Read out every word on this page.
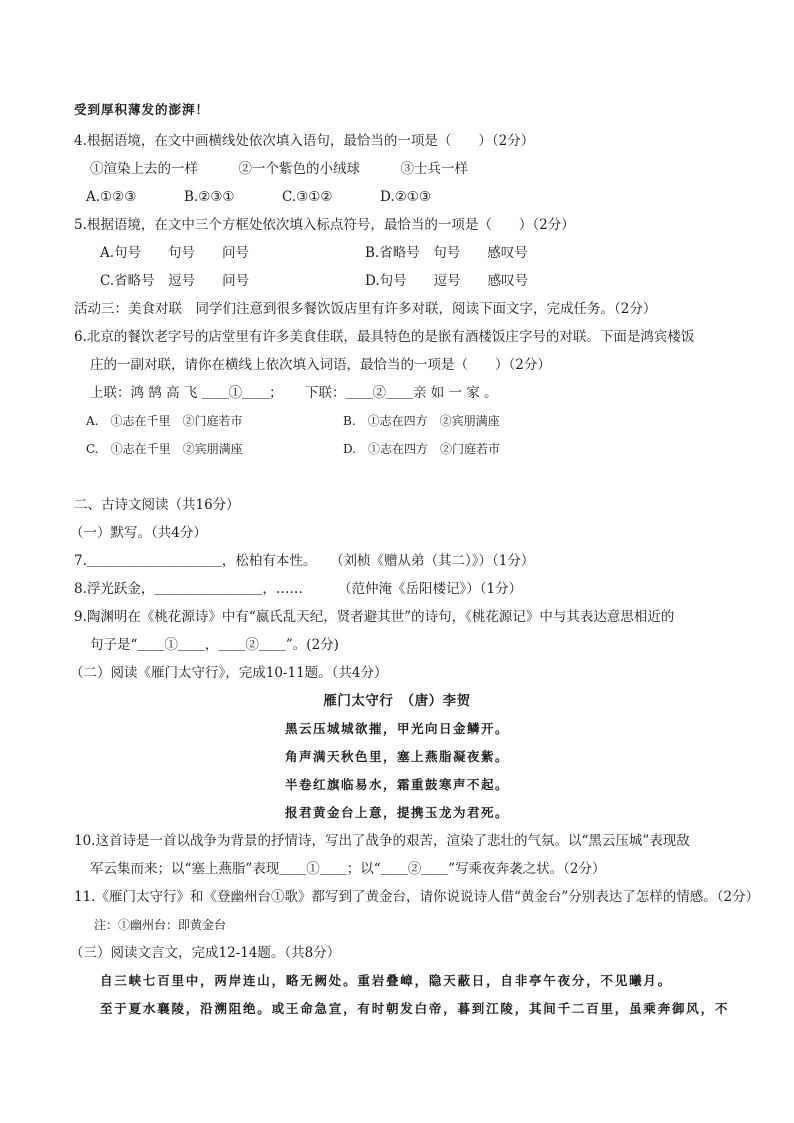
受到厚积薄发的澎湃！
4.根据语境，在文中画横线处依次填入语句，最恰当的一项是（　　）（2分）
①渲染上去的一样　　　②一个紫色的小绒球　　　③士兵一样
A.①②③	B.②③①	C.③①②	D.②①③
5.根据语境，在文中三个方框处依次填入标点符号，最恰当的一项是（　　）（2分）
A.句号　　句号　　问号	B.省略号　句号　　感叹号
C.省略号　逗号　　问号	D.句号　　逗号　　感叹号
活动三：美食对联　同学们注意到很多餐饮饭店里有许多对联，阅读下面文字，完成任务。（2分）
6.北京的餐饮老字号的店堂里有许多美食佳联，最具特色的是嵌有酒楼饭庄字号的对联。下面是鸿宾楼饭
庄的一副对联，请你在横线上依次填入词语，最恰当的一项是（　　）（2分）
上联：鸿 鹄 高 飞 ＿＿①＿＿； 下联：＿＿②＿＿亲 如 一 家 。
A.　①志在千里　②门庭若市	B.　①志在四方　②宾朋满座
C.　①志在千里　②宾朋满座	D.　①志在四方　②门庭若市
二、古诗文阅读（共16分）
（一）默写。（共4分）
7.＿＿＿＿＿＿＿＿＿＿，松柏有本性。 （刘桢《赠从弟（其二）》）（1分）
8.浮光跃金，＿＿＿＿＿＿＿＿，……	（范仲淹《岳阳楼记》）（1分）
9.陶渊明在《桃花源诗》中有“嬴氏乱天纪，贤者避其世”的诗句，《桃花源记》中与其表达意思相近的
句子是“＿＿①＿＿，＿＿②＿＿”。(2分)
（二）阅读《雁门太守行》，完成10-11题。（共4分）
雁门太守行　（唐）李贺
黑云压城城欲摧，甲光向日金鳞开。
角声满天秋色里，塞上燕脂凝夜紫。
半卷红旗临易水，霜重鼓寒声不起。
报君黄金台上意，提携玉龙为君死。
10.这首诗是一首以战争为背景的抒情诗，写出了战争的艰苦，渲染了悲壮的气氛。以“黑云压城”表现敌
军云集而来；以“塞上燕脂”表现＿＿①＿＿；以“＿＿②＿＿”写乘夜奔袭之状。（2分）
11.《雁门太守行》和《登幽州台①歌》都写到了黄金台，请你说说诗人借“黄金台”分别表达了怎样的情感。（2分）
注：①幽州台：即黄金台
（三）阅读文言文，完成12-14题。（共8分）
自三峡七百里中，两岸连山，略无阙处。重岩叠嶂，隐天蔽日，自非亭午夜分，不见曦月。
至于夏水襄陵，沿溯阻绝。或王命急宣，有时朝发白帝，暮到江陵，其间千二百里，虽乘奔御风，不
